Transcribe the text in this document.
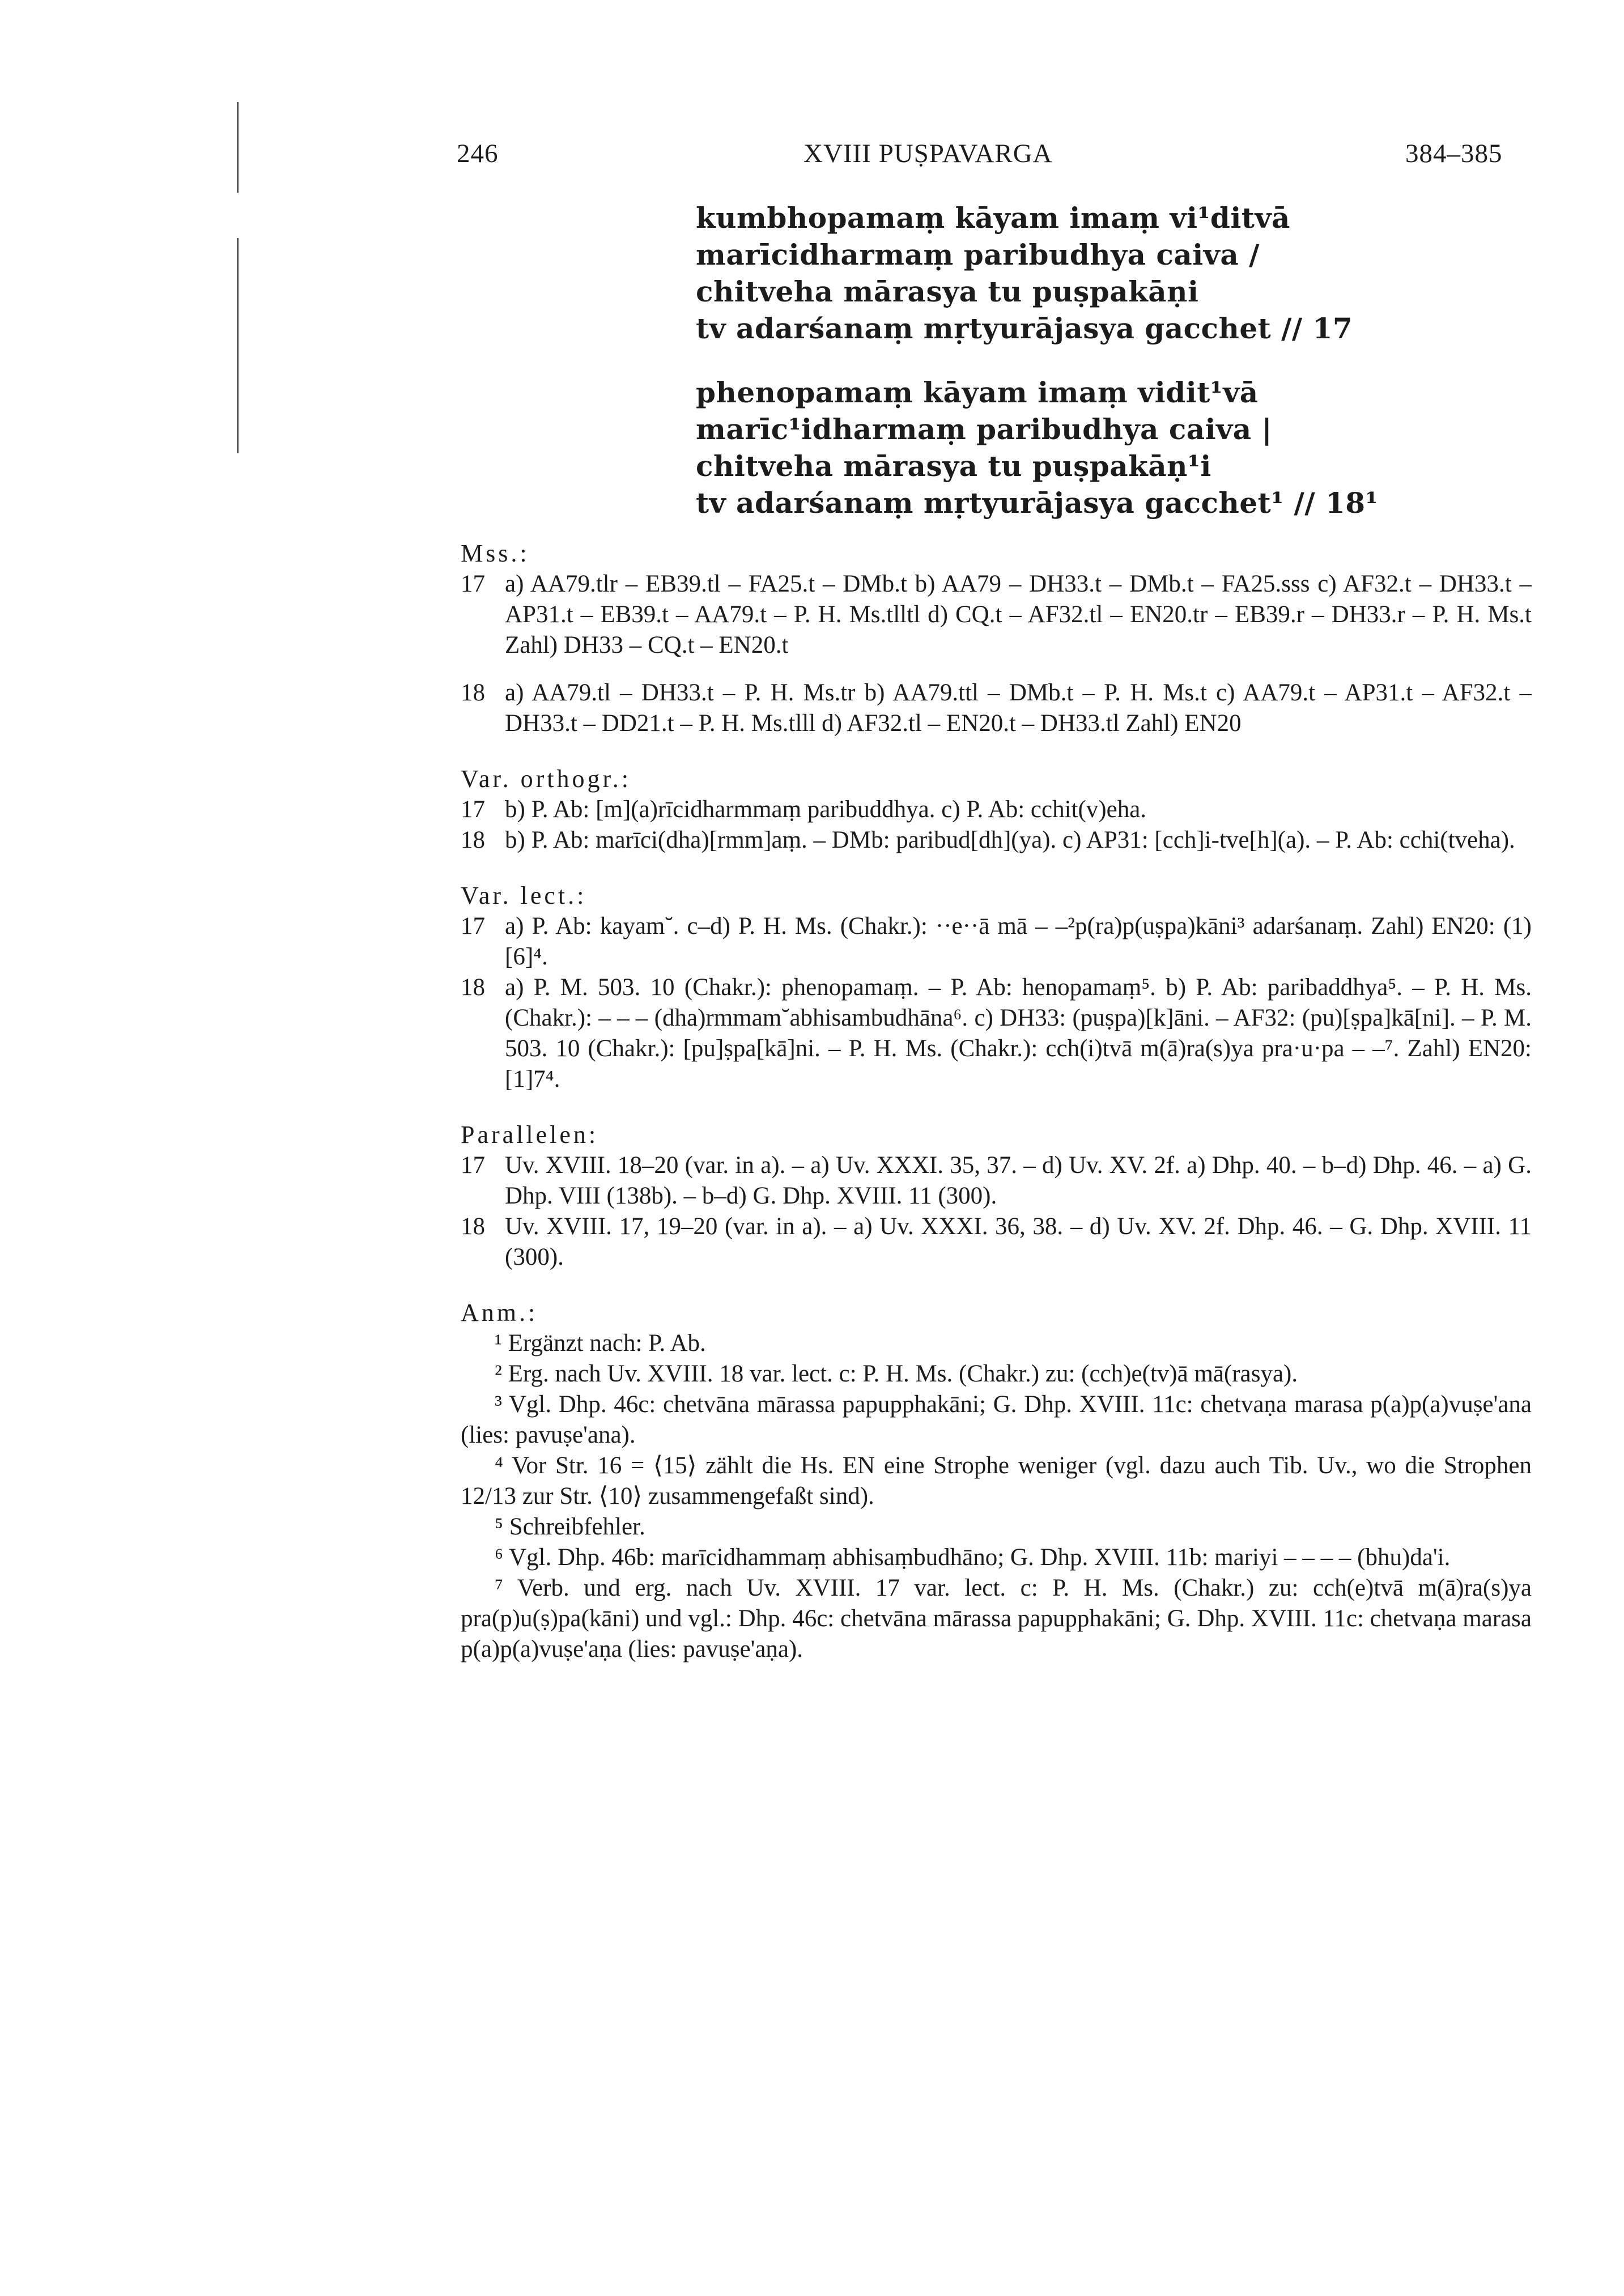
246	XVIII PUṢPAVARGA	384–385
kumbhopamaṃ kāyam imaṃ vi¹ditvā
marīcidharmaṃ paribudhya caiva /
chitveha mārasya tu puṣpakāṇi
tv adarśanaṃ mṛtyurājasya gacchet // 17
phenopamaṃ kāyam imaṃ vidit¹vā
marīc¹idharmaṃ paribudhya caiva |
chitveha mārasya tu puṣpakāṇ¹i
tv adarśanaṃ mṛtyurājasya gacchet¹ // 18¹
Mss.:
17 a) AA79.tlr – EB39.tl – FA25.t – DMb.t b) AA79 – DH33.t – DMb.t – FA25.sss c) AF32.t – DH33.t – AP31.t – EB39.t – AA79.t – P. H. Ms.tlltl d) CQ.t – AF32.tl – EN20.tr – EB39.r – DH33.r – P. H. Ms.t Zahl) DH33 – CQ.t – EN20.t
18 a) AA79.tl – DH33.t – P. H. Ms.tr b) AA79.ttl – DMb.t – P. H. Ms.t c) AA79.t – AP31.t – AF32.t – DH33.t – DD21.t – P. H. Ms.tlll d) AF32.tl – EN20.t – DH33.tl Zahl) EN20
Var. orthogr.:
17 b) P. Ab: [m](a)rīcidharmmaṃ paribuddhya. c) P. Ab: cchit(v)eha.
18 b) P. Ab: marīci(dha)[rmm]aṃ. – DMb: paribud[dh](ya). c) AP31: [cch]i-tve[h](a). – P. Ab: cchi(tveha).
Var. lect.:
17 a) P. Ab: kayam˘. c–d) P. H. Ms. (Chakr.): ··e··ā mā – –²p(ra)p(uṣpa)kāni³ adarśanaṃ. Zahl) EN20: (1)[6]⁴.
18 a) P. M. 503. 10 (Chakr.): phenopamaṃ. – P. Ab: henopamaṃ⁵. b) P. Ab: paribaddhya⁵. – P. H. Ms. (Chakr.): – – – (dha)rmmam˘abhisambudhāna⁶. c) DH33: (puṣpa)[k]āni. – AF32: (pu)[ṣpa]kā[ni]. – P. M. 503. 10 (Chakr.): [pu]ṣpa[kā]ni. – P. H. Ms. (Chakr.): cch(i)tvā m(ā)ra(s)ya pra·u·pa – –⁷. Zahl) EN20: [1]7⁴.
Parallelen:
17 Uv. XVIII. 18–20 (var. in a). – a) Uv. XXXI. 35, 37. – d) Uv. XV. 2f. a) Dhp. 40. – b–d) Dhp. 46. – a) G. Dhp. VIII (138b). – b–d) G. Dhp. XVIII. 11 (300).
18 Uv. XVIII. 17, 19–20 (var. in a). – a) Uv. XXXI. 36, 38. – d) Uv. XV. 2f. Dhp. 46. – G. Dhp. XVIII. 11 (300).
Anm.:
¹ Ergänzt nach: P. Ab.
² Erg. nach Uv. XVIII. 18 var. lect. c: P. H. Ms. (Chakr.) zu: (cch)e(tv)ā mā(rasya).
³ Vgl. Dhp. 46c: chetvāna mārassa papupphakāni; G. Dhp. XVIII. 11c: chetvaṇa marasa p(a)p(a)vuṣe'ana (lies: pavuṣe'ana).
⁴ Vor Str. 16 = ⟨15⟩ zählt die Hs. EN eine Strophe weniger (vgl. dazu auch Tib. Uv., wo die Strophen 12/13 zur Str. ⟨10⟩ zusammengefaßt sind).
⁵ Schreibfehler.
⁶ Vgl. Dhp. 46b: marīcidhammaṃ abhisaṃbudhāno; G. Dhp. XVIII. 11b: mariyi – – – – (bhu)da'i.
⁷ Verb. und erg. nach Uv. XVIII. 17 var. lect. c: P. H. Ms. (Chakr.) zu: cch(e)tvā m(ā)ra(s)ya pra(p)u(ṣ)pa(kāni) und vgl.: Dhp. 46c: chetvāna mārassa papupphakāni; G. Dhp. XVIII. 11c: chetvaṇa marasa p(a)p(a)vuṣe'aṇa (lies: pavuṣe'aṇa).
